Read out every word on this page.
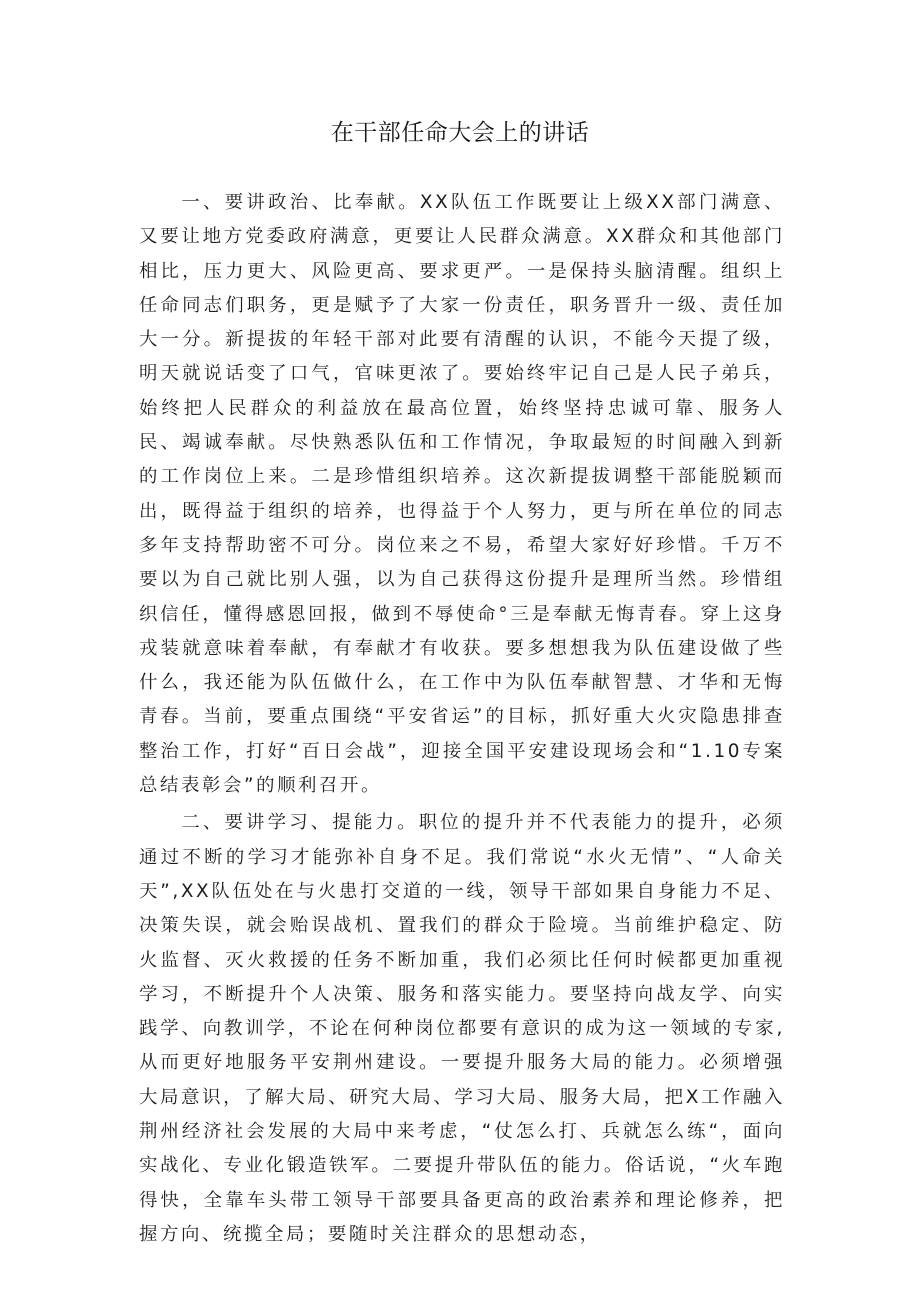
在干部任命大会上的讲话

一、要讲政治、比奉献。XX队伍工作既要让上级XX部门满意、又要让地方党委政府满意，更要让人民群众满意。XX群众和其他部门相比，压力更大、风险更高、要求更严。一是保持头脑清醒。组织上任命同志们职务，更是赋予了大家一份责任，职务晋升一级、责任加大一分。新提拔的年轻干部对此要有清醒的认识，不能今天提了级，明天就说话变了口气，官味更浓了。要始终牢记自己是人民子弟兵，始终把人民群众的利益放在最高位置，始终坚持忠诚可靠、服务人民、竭诚奉献。尽快熟悉队伍和工作情况，争取最短的时间融入到新的工作岗位上来。二是珍惜组织培养。这次新提拔调整干部能脱颖而出，既得益于组织的培养，也得益于个人努力，更与所在单位的同志多年支持帮助密不可分。岗位来之不易，希望大家好好珍惜。千万不要以为自己就比别人强，以为自己获得这份提升是理所当然。珍惜组织信任，懂得感恩回报，做到不辱使命°三是奉献无悔青春。穿上这身戎装就意味着奉献，有奉献才有收获。要多想想我为队伍建设做了些什么，我还能为队伍做什么，在工作中为队伍奉献智慧、才华和无悔青春。当前，要重点围绕“平安省运”的目标，抓好重大火灾隐患排查整治工作，打好“百日会战”，迎接全国平安建设现场会和“1.10专案总结表彰会”的顺利召开。

二、要讲学习、提能力。职位的提升并不代表能力的提升，必须通过不断的学习才能弥补自身不足。我们常说“水火无情”、“人命关天”,XX队伍处在与火患打交道的一线，领导干部如果自身能力不足、决策失误，就会贻误战机、置我们的群众于险境。当前维护稳定、防火监督、灭火救援的任务不断加重，我们必须比任何时候都更加重视学习，不断提升个人决策、服务和落实能力。要坚持向战友学、向实践学、向教训学，不论在何种岗位都要有意识的成为这一领域的专家,从而更好地服务平安荆州建设。一要提升服务大局的能力。必须增强大局意识，了解大局、研究大局、学习大局、服务大局，把X工作融入荆州经济社会发展的大局中来考虑，“仗怎么打、兵就怎么练“，面向实战化、专业化锻造铁军。二要提升带队伍的能力。俗话说，“火车跑得快，全靠车头带工领导干部要具备更高的政治素养和理论修养，把握方向、统揽全局；要随时关注群众的思想动态，
